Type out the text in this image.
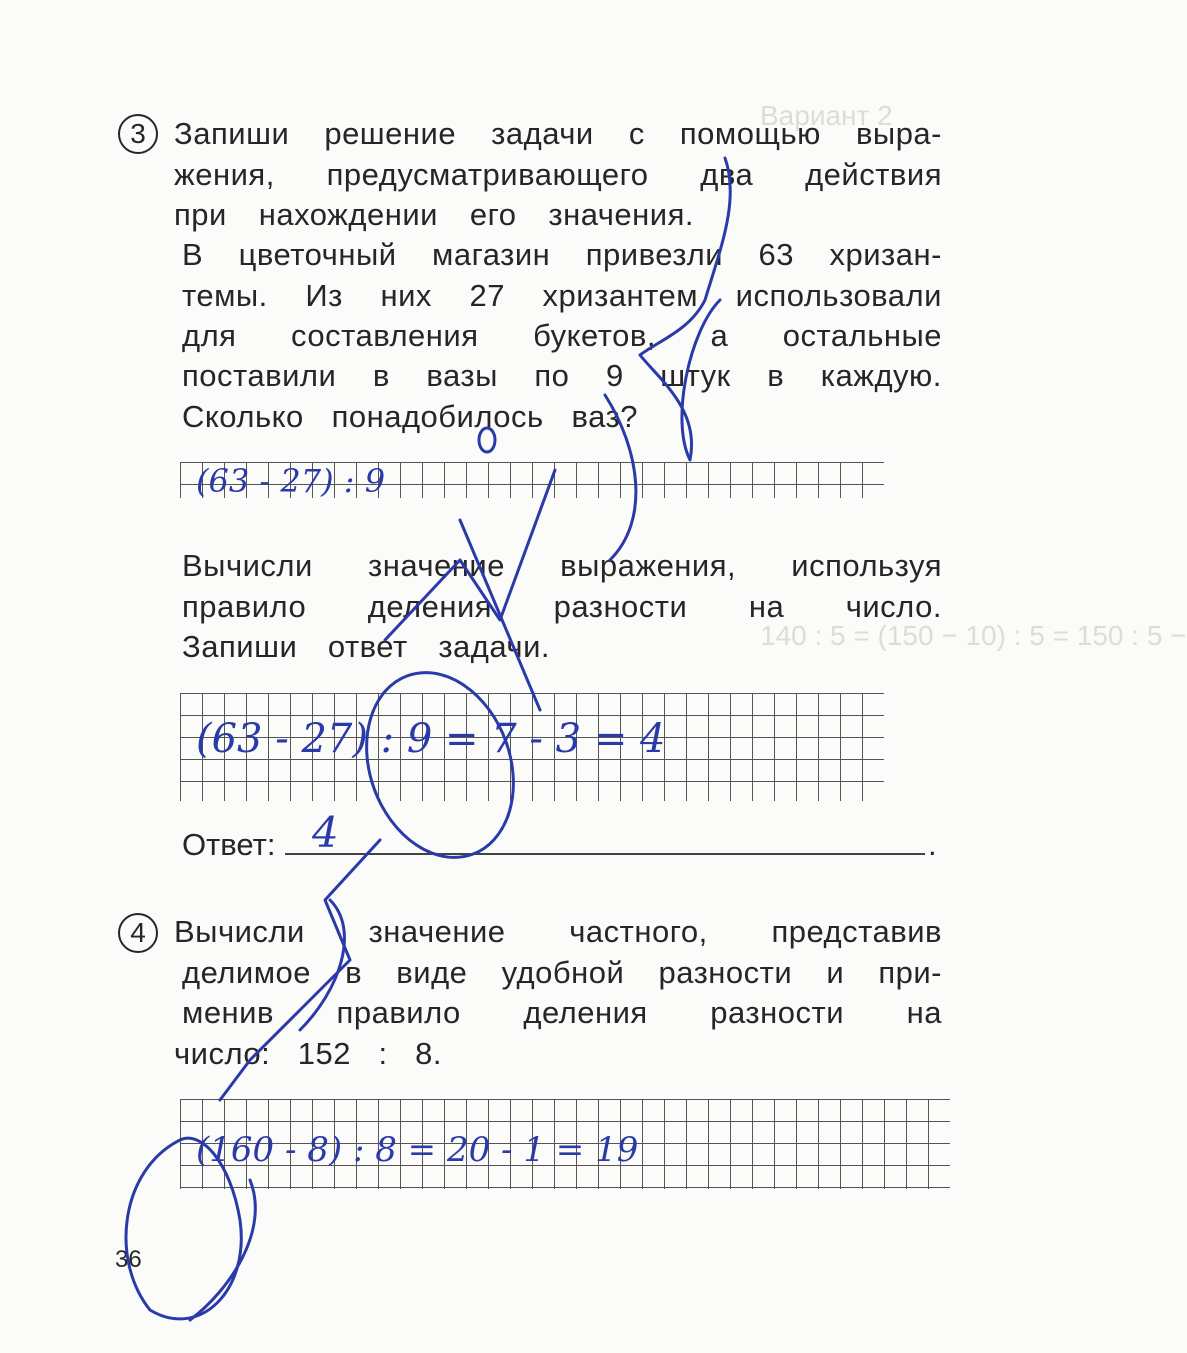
Вариант 2
140 : 5 = (150 − 10) : 5 = 150 : 5 −
3 Запиши решение задачи с помощью выра-
жения, предусматривающего два действия
при нахождении его значения.
В цветочный магазин привезли 63 хризан-
темы. Из них 27 хризантем использовали
для составления букетов, а остальные
поставили в вазы по 9 штук в каждую.
Сколько понадобилось ваз?
(63 - 27) : 9
Вычисли значение выражения, используя
правило деления разности на число.
Запиши ответ задачи.
(63 - 27) : 9 = 7 - 3 = 4
Ответ: 4	.
4 Вычисли значение частного, представив
делимое в виде удобной разности и при-
менив правило деления разности на
число: 152 : 8.
(160 - 8) : 8 = 20 - 1 = 19
36
